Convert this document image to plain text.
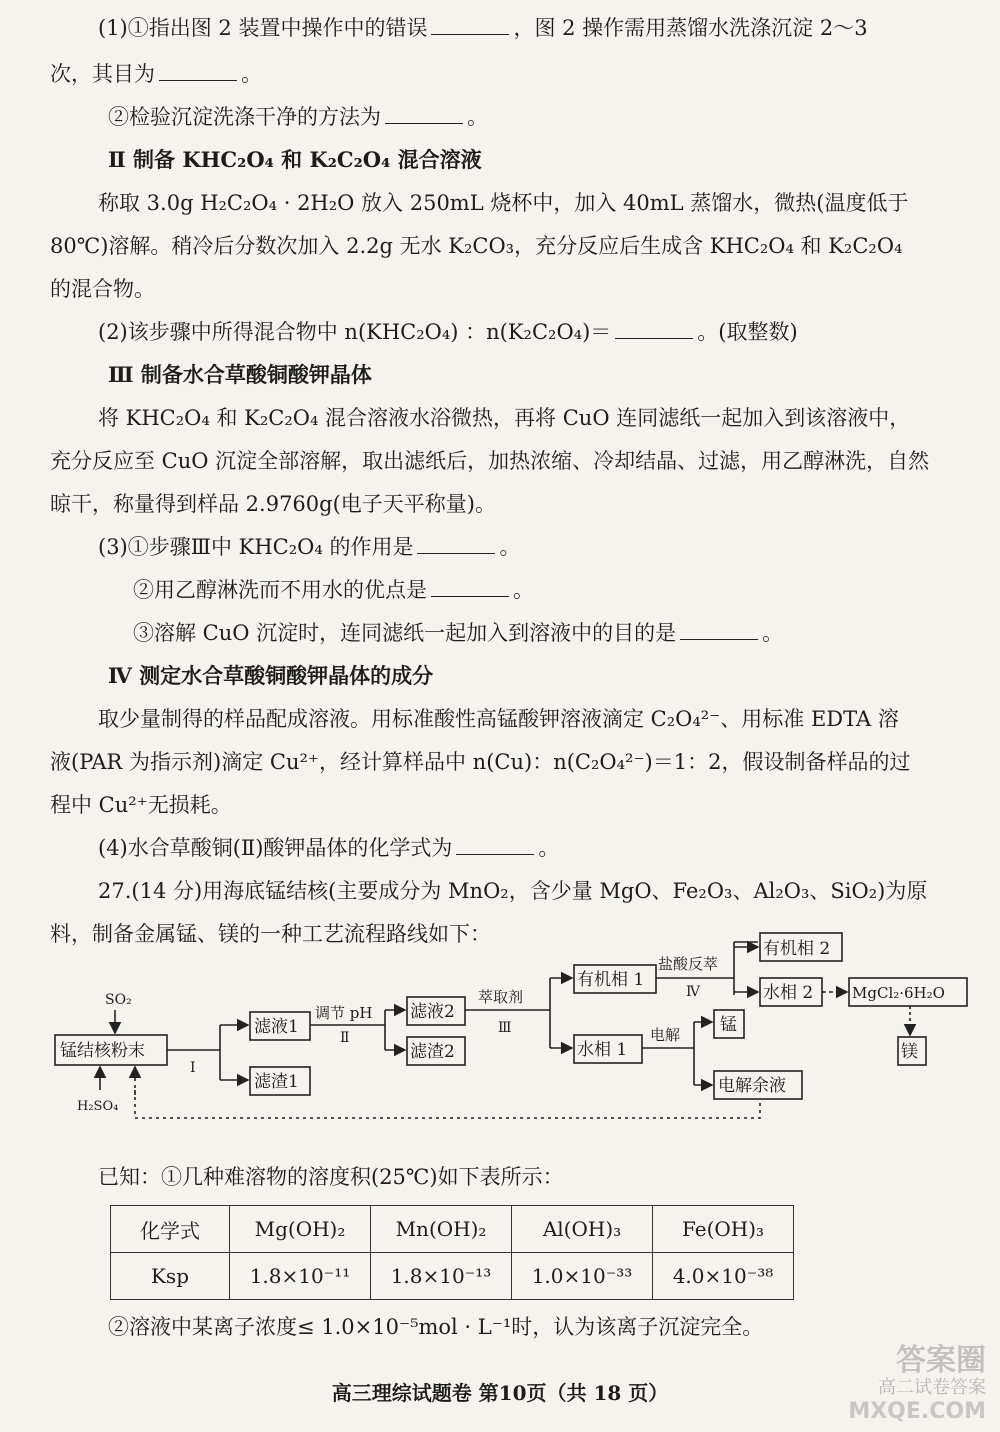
(1)①指出图 2 装置中操作中的错误	，图 2 操作需用蒸馏水洗涤沉淀 2～3
次，其目为	。
②检验沉淀洗涤干净的方法为	。
Ⅱ 制备 KHC₂O₄ 和 K₂C₂O₄ 混合溶液
称取 3.0g H₂C₂O₄ · 2H₂O 放入 250mL 烧杯中，加入 40mL 蒸馏水，微热(温度低于
80℃)溶解。稍冷后分数次加入 2.2g 无水 K₂CO₃，充分反应后生成含 KHC₂O₄ 和 K₂C₂O₄
的混合物。
(2)该步骤中所得混合物中 n(KHC₂O₄) ：n(K₂C₂O₄)＝	。(取整数)
Ⅲ 制备水合草酸铜酸钾晶体
将 KHC₂O₄ 和 K₂C₂O₄ 混合溶液水浴微热，再将 CuO 连同滤纸一起加入到该溶液中，
充分反应至 CuO 沉淀全部溶解，取出滤纸后，加热浓缩、冷却结晶、过滤，用乙醇淋洗，自然
晾干，称量得到样品 2.9760g(电子天平称量)。
(3)①步骤Ⅲ中 KHC₂O₄ 的作用是	。
②用乙醇淋洗而不用水的优点是	。
③溶解 CuO 沉淀时，连同滤纸一起加入到溶液中的目的是	。
Ⅳ 测定水合草酸铜酸钾晶体的成分
取少量制得的样品配成溶液。用标准酸性高锰酸钾溶液滴定 C₂O₄²⁻、用标准 EDTA 溶
液(PAR 为指示剂)滴定 Cu²⁺，经计算样品中 n(Cu)：n(C₂O₄²⁻)＝1：2，假设制备样品的过
程中 Cu²⁺无损耗。
(4)水合草酸铜(Ⅱ)酸钾晶体的化学式为	。
27.(14 分)用海底锰结核(主要成分为 MnO₂，含少量 MgO、Fe₂O₃、Al₂O₃、SiO₂)为原
料，制备金属锰、镁的一种工艺流程路线如下：
锰结核粉末
SO₂
H₂SO₄
Ⅰ
滤液1
滤渣1
调节 pH
Ⅱ
滤液2
滤渣2
萃取剂
Ⅲ
有机相 1
水相 1
盐酸反萃
Ⅳ
有机相 2
水相 2	MgCl₂·6H₂O
镁
电解 锰
电解余液
已知：①几种难溶物的溶度积(25℃)如下表所示：
化学式	Mg(OH)₂	Mn(OH)₂	Al(OH)₃	Fe(OH)₃
Ksp	1.8×10⁻¹¹	1.8×10⁻¹³	1.0×10⁻³³	4.0×10⁻³⁸
②溶液中某离子浓度≤ 1.0×10⁻⁵mol · L⁻¹时，认为该离子沉淀完全。
高三理综试题卷 第10页（共 18 页）
答案圈
高二试卷答案
MXQE.COM
